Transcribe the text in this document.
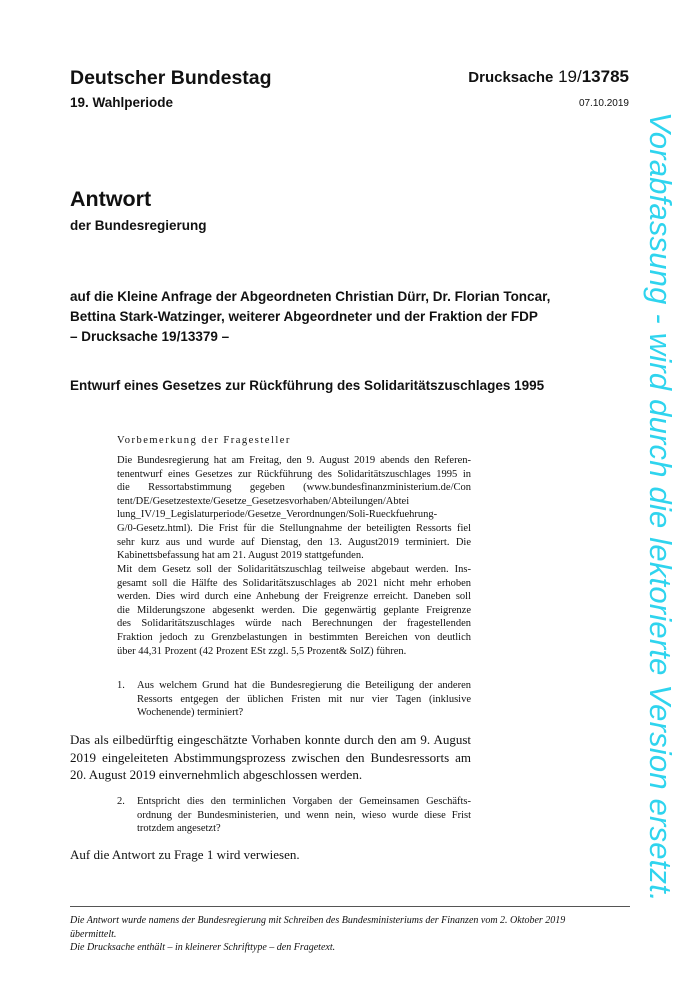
Deutscher Bundestag	Drucksache 19/13785
19. Wahlperiode	07.10.2019
Antwort
der Bundesregierung
auf die Kleine Anfrage der Abgeordneten Christian Dürr, Dr. Florian Toncar,
Bettina Stark-Watzinger, weiterer Abgeordneter und der Fraktion der FDP
– Drucksache 19/13379 –
Entwurf eines Gesetzes zur Rückführung des Solidaritätszuschlages 1995
Vorbemerkung der Fragesteller
Die Bundesregierung hat am Freitag, den 9. August 2019 abends den Referen-
tenentwurf eines Gesetzes zur Rückführung des Solidaritätszuschlages 1995 in
die Ressortabstimmung gegeben (www.bundesfinanzministerium.de/Con
tent/DE/Gesetzestexte/Gesetze_Gesetzesvorhaben/Abteilungen/Abtei
lung_IV/19_Legislaturperiode/Gesetze_Verordnungen/Soli-Rueckfuehrung-
G/0-Gesetz.html). Die Frist für die Stellungnahme der beteiligten Ressorts fiel
sehr kurz aus und wurde auf Dienstag, den 13. August2019 terminiert. Die
Kabinettsbefassung hat am 21. August 2019 stattgefunden.
Mit dem Gesetz soll der Solidaritätszuschlag teilweise abgebaut werden. Ins-
gesamt soll die Hälfte des Solidaritätszuschlages ab 2021 nicht mehr erhoben
werden. Dies wird durch eine Anhebung der Freigrenze erreicht. Daneben soll
die Milderungszone abgesenkt werden. Die gegenwärtig geplante Freigrenze
des Solidaritätszuschlages würde nach Berechnungen der fragestellenden
Fraktion jedoch zu Grenzbelastungen in bestimmten Bereichen von deutlich
über 44,31 Prozent (42 Prozent ESt zzgl. 5,5 Prozent& SolZ) führen.
1. Aus welchem Grund hat die Bundesregierung die Beteiligung der anderen
Ressorts entgegen der üblichen Fristen mit nur vier Tagen (inklusive
Wochenende) terminiert?
Das als eilbedürftig eingeschätzte Vorhaben konnte durch den am 9. August
2019 eingeleiteten Abstimmungsprozess zwischen den Bundesressorts am
20. August 2019 einvernehmlich abgeschlossen werden.
2. Entspricht dies den terminlichen Vorgaben der Gemeinsamen Geschäfts-
ordnung der Bundesministerien, und wenn nein, wieso wurde diese Frist
trotzdem angesetzt?
Auf die Antwort zu Frage 1 wird verwiesen.
Die Antwort wurde namens der Bundesregierung mit Schreiben des Bundesministeriums der Finanzen vom 2. Oktober 2019
übermittelt.
Die Drucksache enthält – in kleinerer Schrifttype – den Fragetext.
Vorabfassung - wird durch die lektorierte Version ersetzt.
